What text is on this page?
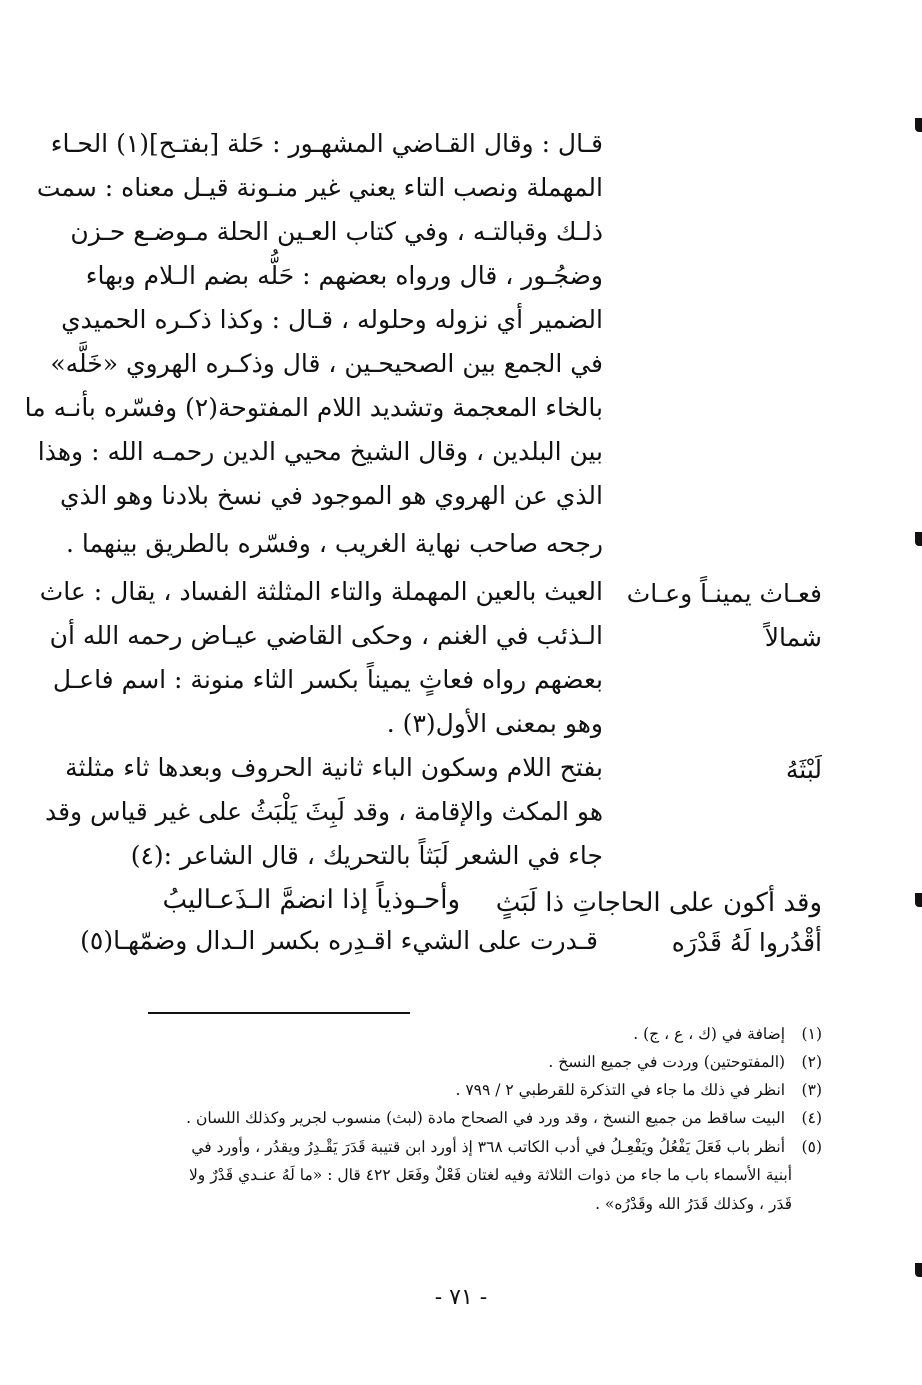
قـال : وقال القـاضي المشهـور : حَلة [بفتـح](١) الحـاء
المهملة ونصب التاء يعني غير منـونة قيـل معناه : سمت
ذلـك وقبالتـه ، وفي كتاب العـين الحلة مـوضـع حـزن
وضجُـور ، قال ورواه بعضهم : حَلُّه بضم الـلام وبهاء
الضمير أي نزوله وحلوله ، قـال : وكذا ذكـره الحميدي
في الجمع بين الصحيحـين ، قال وذكـره الهروي «خَلَّه»
بالخاء المعجمة وتشديد اللام المفتوحة(٢) وفسّره بأنـه ما
بين البلدين ، وقال الشيخ محيي الدين رحمـه الله : وهذا
الذي عن الهروي هو الموجود في نسخ بلادنا وهو الذي
رجحه صاحب نهاية الغريب ، وفسّره بالطريق بينهما .
فعـاث يمينـاً وعـاث
شمالاً
العيث بالعين المهملة والتاء المثلثة الفساد ، يقال : عاث
الـذئب في الغنم ، وحكى القاضي عيـاض رحمه الله أن
بعضهم رواه فعاثٍ يميناً بكسر الثاء منونة : اسم فاعـل
وهو بمعنى الأول(٣) .
لَبْثَهُ
بفتح اللام وسكون الباء ثانية الحروف وبعدها ثاء مثلثة
هو المكث والإقامة ، وقد لَبِثَ يَلْبَثُ على غير قياس وقد
جاء في الشعر لَبَثاً بالتحريك ، قال الشاعر :(٤)
وقد أكون على الحاجاتِ ذا لَبَثٍ
وأحـوذياً إذا انضمَّ الـذَعـاليبُ
أقْدُروا لَهُ قَدْرَه
قـدرت على الشيء اقـدِره بكسر الـدال وضمّهـا(٥)
(١) إضافة في (ك ، ع ، ج) .
(٢) (المفتوحتين) وردت في جميع النسخ .
(٣) انظر في ذلك ما جاء في التذكرة للقرطبي ٢ / ٧٩٩ .
(٤) البيت ساقط من جميع النسخ ، وقد ورد في الصحاح مادة (لبث) منسوب لجرير وكذلك اللسان .
(٥) أنظر باب فَعَلَ يَفْعُلُ ويَفْعِـلُ في أدب الكاتب ٣٦٨ إذ أورد ابن قتيبة قَدَرَ يَقْـدِرُ ويقدُر ، وأورد في
أبنية الأسماء باب ما جاء من ذوات الثلاثة وفيه لغتان فَعْلٌ وفَعَل ٤٢٢ قال : «ما لَهُ عنـدي قَدْرٌ ولا
قَدَر ، وكذلك قَدَرُ الله وقَدْرُه» .
- ٧١ -
